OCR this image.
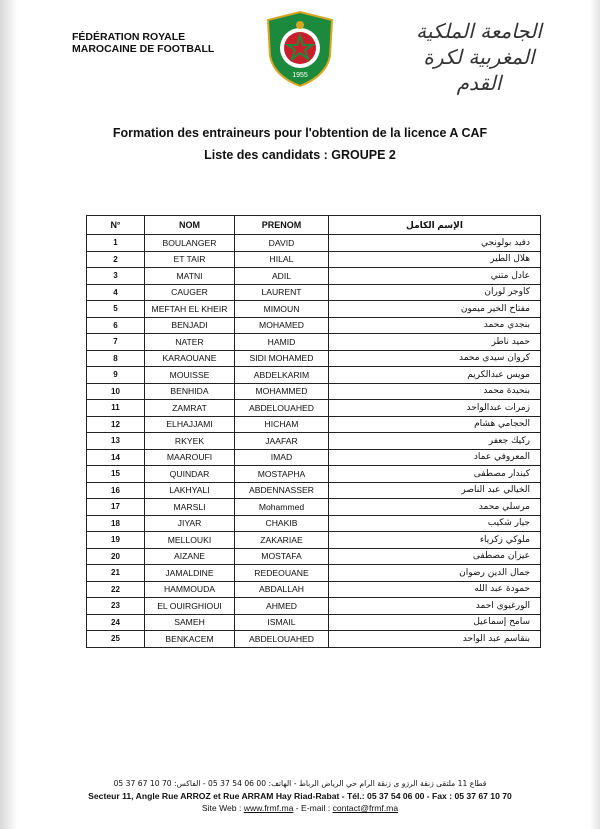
FÉDÉRATION ROYALE
MAROCAINE DE FOOTBALL
1955
الجامعة الملكية
المغربية لكرة القدم
Formation des entraineurs pour l'obtention de la licence A CAF
Liste des candidats : GROUPE 2
N°	NOM	PRENOM	الإسم الكامل
1	BOULANGER	DAVID	دفيد بولونجي
2	ET TAIR	HILAL	هلال الطير
3	MATNI	ADIL	عادل متني
4	CAUGER	LAURENT	كاوجر لوران
5	MEFTAH EL KHEIR	MIMOUN	مفتاح الخير ميمون
6	BENJADI	MOHAMED	بنجدي محمد
7	NATER	HAMID	حميد ناطر
8	KARAOUANE	SIDI MOHAMED	كروان سيدي محمد
9	MOUISSE	ABDELKARIM	مويس عبدالكريم
10	BENHIDA	MOHAMMED	بنحيدة محمد
11	ZAMRAT	ABDELOUAHED	زمرات عبدالواحد
12	ELHAJJAMI	HICHAM	الحجامي هشام
13	RKYEK	JAAFAR	ركيك جعفر
14	MAAROUFI	IMAD	المعروفي عماد
15	QUINDAR	MOSTAPHA	كيندار مصطفى
16	LAKHYALI	ABDENNASSER	الخيالي عبد الناصر
17	MARSLI	Mohammed	مرسلي محمد
18	JIYAR	CHAKIB	جيار شكيب
19	MELLOUKI	ZAKARIAE	ملوكي زكرياء
20	AIZANE	MOSTAFA	عيزان مصطفى
21	JAMALDINE	REDEOUANE	جمال الدين رضوان
22	HAMMOUDA	ABDALLAH	حمودة عبد الله
23	EL OUIRGHIOUI	AHMED	الورغيوي احمد
24	SAMEH	ISMAIL	سامح إسماعيل
25	BENKACEM	ABDELOUAHED	بنقاسم عبد الواحد
قطاع 11 ملتقى زنقة الرزو ى زنقة الرام حي الرياض الرباط - الهاتف: 00 06 54 37 05 - الفاكس: 70 10 67 37 05
Secteur 11, Angle Rue ARROZ et Rue ARRAM Hay Riad-Rabat - Tél.: 05 37 54 06 00 - Fax : 05 37 67 10 70
Site Web : www.frmf.ma - E-mail : contact@frmf.ma
